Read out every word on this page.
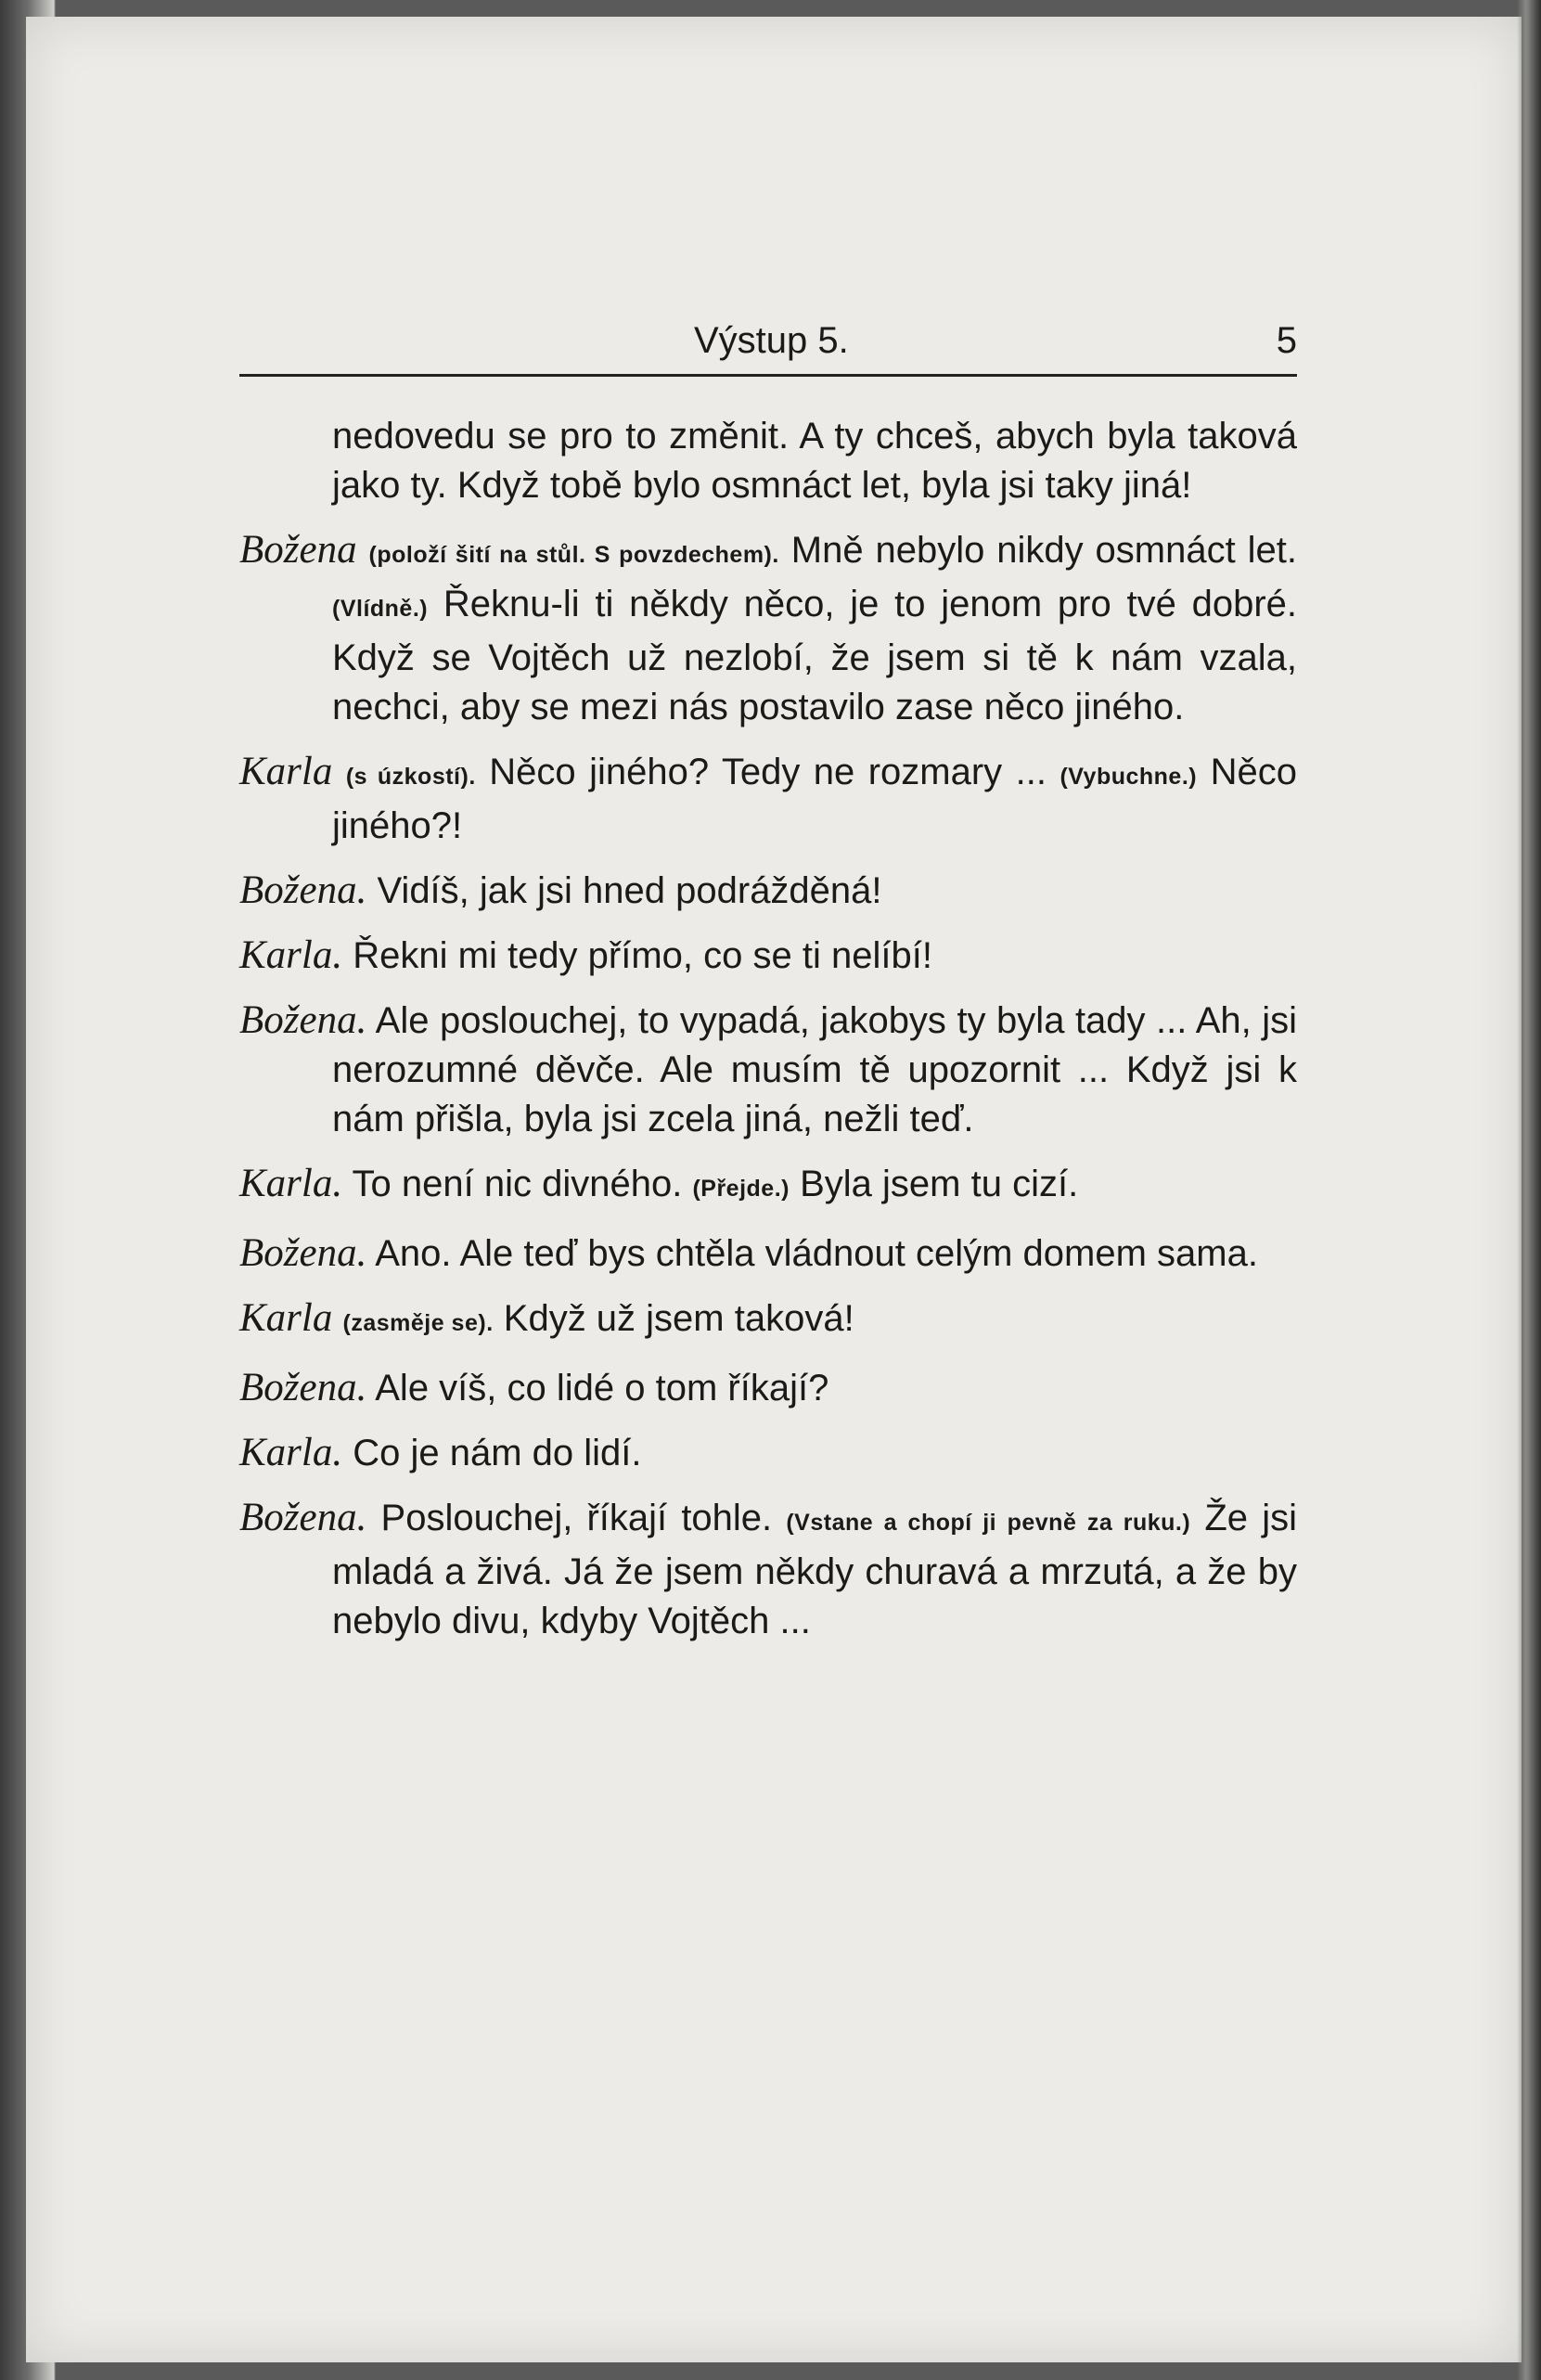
Výstup 5.	5

nedovedu se pro to změnit. A ty chceš, abych byla taková jako ty. Když tobě bylo osmnáct let, byla jsi taky jiná!

Božena (položí šití na stůl. S povzdechem). Mně nebylo nikdy osmnáct let. (Vlídně.) Řeknu-li ti někdy něco, je to jenom pro tvé dobré. Když se Vojtěch už nezlobí, že jsem si tě k nám vzala, nechci, aby se mezi nás postavilo zase něco jiného.

Karla (s úzkostí). Něco jiného? Tedy ne rozmary ... (Vybuchne.) Něco jiného?!

Božena. Vidíš, jak jsi hned podrážděná!

Karla. Řekni mi tedy přímo, co se ti nelíbí!

Božena. Ale poslouchej, to vypadá, jakobys ty byla tady ... Ah, jsi nerozumné děvče. Ale musím tě upozornit ... Když jsi k nám přišla, byla jsi zcela jiná, nežli teď.

Karla. To není nic divného. (Přejde.) Byla jsem tu cizí.

Božena. Ano. Ale teď bys chtěla vládnout celým domem sama.

Karla (zasměje se). Když už jsem taková!

Božena. Ale víš, co lidé o tom říkají?

Karla. Co je nám do lidí.

Božena. Poslouchej, říkají tohle. (Vstane a chopí ji pevně za ruku.) Že jsi mladá a živá. Já že jsem někdy churavá a mrzutá, a že by nebylo divu, kdyby Vojtěch ...
